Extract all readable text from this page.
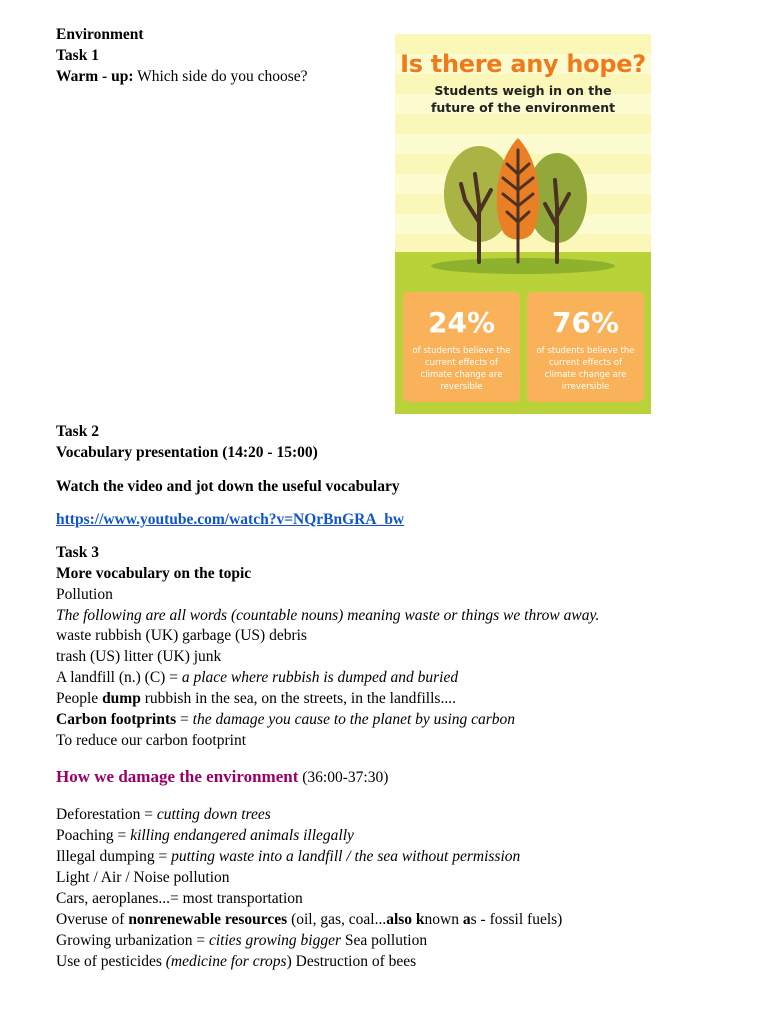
Environment
Task 1
Warm - up: Which side do you choose?	Is there any hope?
Students weigh in on the future of the environment
24%
of students believe the current effects of climate change are reversible
76%
of students believe the current effects of climate change are irreversible
Task 2
Vocabulary presentation (14:20 - 15:00)
Watch the video and jot down the useful vocabulary
https://www.youtube.com/watch?v=NQrBnGRA_bw
Task 3
More vocabulary on the topic
Pollution
The following are all words (countable nouns) meaning waste or things we throw away.
waste rubbish (UK) garbage (US) debris
trash (US) litter (UK) junk
A landfill (n.) (C) = a place where rubbish is dumped and buried
People dump rubbish in the sea, on the streets, in the landfills....
Carbon footprints = the damage you cause to the planet by using carbon
To reduce our carbon footprint
How we damage the environment (36:00-37:30)
Deforestation = cutting down trees
Poaching = killing endangered animals illegally
Illegal dumping = putting waste into a landfill / the sea without permission
Light / Air / Noise pollution
Cars, aeroplanes...= most transportation
Overuse of nonrenewable resources (oil, gas, coal...also known as - fossil fuels)
Growing urbanization = cities growing bigger Sea pollution
Use of pesticides (medicine for crops) Destruction of bees
